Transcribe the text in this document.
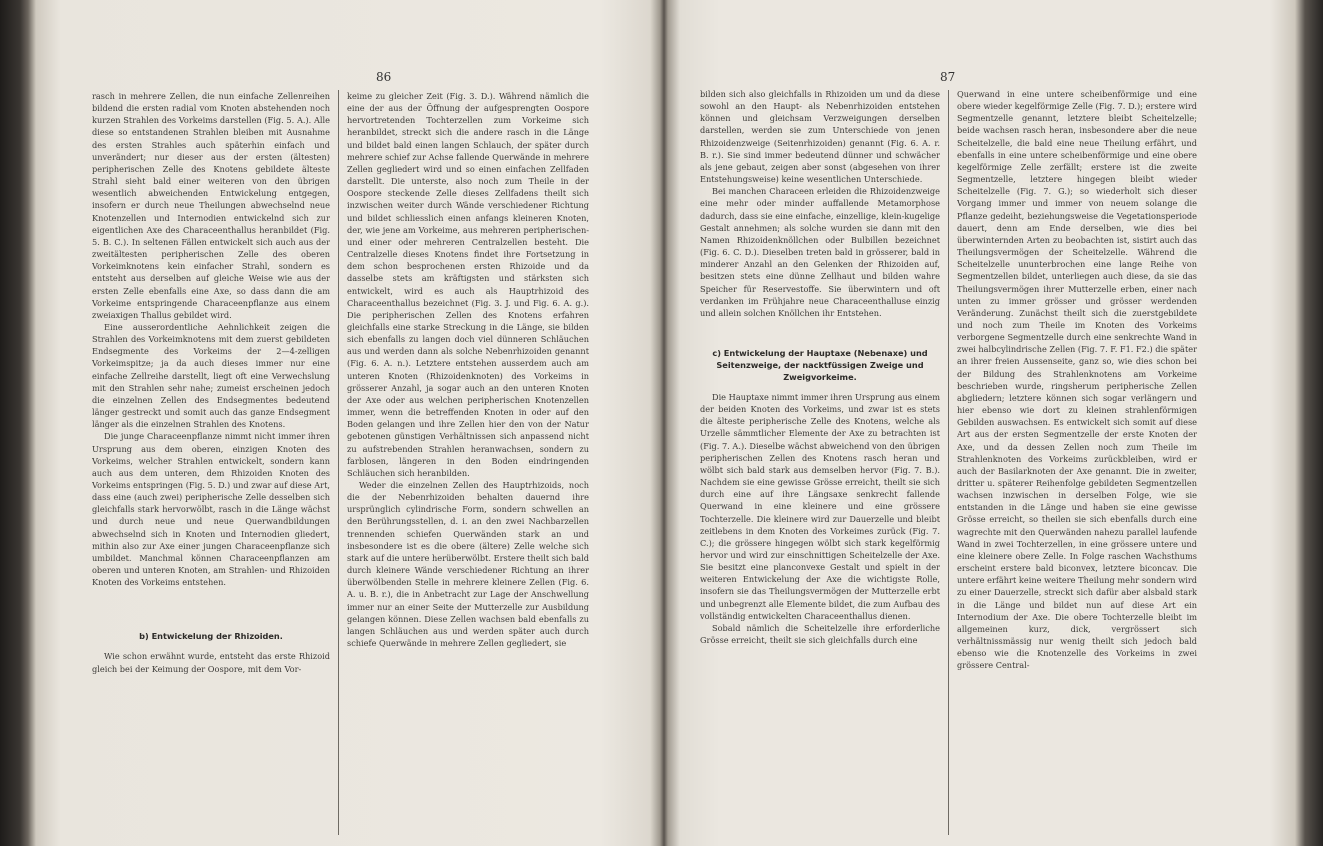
86

rasch in mehrere Zellen, die nun einfache Zellenreihen bildend die ersten radial vom Knoten abstehenden noch kurzen Strahlen des Vorkeims darstellen (Fig. 5. A.). Alle diese so entstandenen Strahlen bleiben mit Ausnahme des ersten Strahles auch späterhin einfach und unverändert; nur dieser aus der ersten (ältesten) peripherischen Zelle des Knotens gebildete älteste Strahl sieht bald einer weiteren von den übrigen wesentlich abweichenden Entwickelung entgegen, insofern er durch neue Theilungen abwechselnd neue Knotenzellen und Internodien entwickelnd sich zur eigentlichen Axe des Characeenthallus heranbildet (Fig. 5. B. C.). In seltenen Fällen entwickelt sich auch aus der zweitältesten peripherischen Zelle des oberen Vorkeimknotens kein einfacher Strahl, sondern es entsteht aus derselben auf gleiche Weise wie aus der ersten Zelle ebenfalls eine Axe, so dass dann die am Vorkeime entspringende Characeenpflanze aus einem zweiaxigen Thallus gebildet wird.

Eine ausserordentliche Aehnlichkeit zeigen die Strahlen des Vorkeimknotens mit dem zuerst gebildeten Endsegmente des Vorkeims der 2—4-zelligen Vorkeimspitze; ja da auch dieses immer nur eine einfache Zellreihe darstellt, liegt oft eine Verwechslung mit den Strahlen sehr nahe; zumeist erscheinen jedoch die einzelnen Zellen des Endsegmentes bedeutend länger gestreckt und somit auch das ganze Endsegment länger als die einzelnen Strahlen des Knotens.

Die junge Characeenpflanze nimmt nicht immer ihren Ursprung aus dem oberen, einzigen Knoten des Vorkeims, welcher Strahlen entwickelt, sondern kann auch aus dem unteren, dem Rhizoiden Knoten des Vorkeims entspringen (Fig. 5. D.) und zwar auf diese Art, dass eine (auch zwei) peripherische Zelle desselben sich gleichfalls stark hervorwölbt, rasch in die Länge wächst und durch neue und neue Querwandbildungen abwechselnd sich in Knoten und Internodien gliedert, mithin also zur Axe einer jungen Characeenpflanze sich umbildet. Manchmal können Characeenpflanzen am oberen und unteren Knoten, am Strahlen- und Rhizoiden Knoten des Vorkeims entstehen.

b) Entwickelung der Rhizoiden.

Wie schon erwähnt wurde, entsteht das erste Rhizoid gleich bei der Keimung der Oospore, mit dem Vor-

keime zu gleicher Zeit (Fig. 3. D.). Während nämlich die eine der aus der Öffnung der aufgesprengten Oospore hervortretenden Tochterzellen zum Vorkeime sich heranbildet, streckt sich die andere rasch in die Länge und bildet bald einen langen Schlauch, der später durch mehrere schief zur Achse fallende Querwände in mehrere Zellen gegliedert wird und so einen einfachen Zellfaden darstellt. Die unterste, also noch zum Theile in der Oospore steckende Zelle dieses Zellfadens theilt sich inzwischen weiter durch Wände verschiedener Richtung und bildet schliesslich einen anfangs kleineren Knoten, der, wie jene am Vorkeime, aus mehreren peripherischen- und einer oder mehreren Centralzellen besteht. Die Centralzelle dieses Knotens findet ihre Fortsetzung in dem schon besprochenen ersten Rhizoide und da dasselbe stets am kräftigsten und stärksten sich entwickelt, wird es auch als Hauptrhizoid des Characeenthallus bezeichnet (Fig. 3. J. und Fig. 6. A. g.). Die peripherischen Zellen des Knotens erfahren gleichfalls eine starke Streckung in die Länge, sie bilden sich ebenfalls zu langen doch viel dünneren Schläuchen aus und werden dann als solche Nebenrhizoiden genannt (Fig. 6. A. n.). Letztere entstehen ausserdem auch am unteren Knoten (Rhizoidenknoten) des Vorkeims in grösserer Anzahl, ja sogar auch an den unteren Knoten der Axe oder aus welchen peripherischen Knotenzellen immer, wenn die betreffenden Knoten in oder auf den Boden gelangen und ihre Zellen hier den von der Natur gebotenen günstigen Verhältnissen sich anpassend nicht zu aufstrebenden Strahlen heranwachsen, sondern zu farblosen, längeren in den Boden eindringenden Schläuchen sich heranbilden.

Weder die einzelnen Zellen des Hauptrhizoids, noch die der Nebenrhizoiden behalten dauernd ihre ursprünglich cylindrische Form, sondern schwellen an den Berührungsstellen, d. i. an den zwei Nachbarzellen trennenden schiefen Querwänden stark an und insbesondere ist es die obere (ältere) Zelle welche sich stark auf die untere herüberwölbt. Erstere theilt sich bald durch kleinere Wände verschiedener Richtung an ihrer überwölbenden Stelle in mehrere kleinere Zellen (Fig. 6. A. u. B. r.), die in Anbetracht zur Lage der Anschwellung immer nur an einer Seite der Mutterzelle zur Ausbildung gelangen können. Diese Zellen wachsen bald ebenfalls zu langen Schläuchen aus und werden später auch durch schiefe Querwände in mehrere Zellen gegliedert, sie

87

bilden sich also gleichfalls in Rhizoiden um und da diese sowohl an den Haupt- als Nebenrhizoiden entstehen können und gleichsam Verzweigungen derselben darstellen, werden sie zum Unterschiede von jenen Rhizoidenzweige (Seitenrhizoiden) genannt (Fig. 6. A. r. B. r.). Sie sind immer bedeutend dünner und schwächer als jene gebaut, zeigen aber sonst (abgesehen von ihrer Entstehungsweise) keine wesentlichen Unterschiede.

Bei manchen Characeen erleiden die Rhizoidenzweige eine mehr oder minder auffallende Metamorphose dadurch, dass sie eine einfache, einzellige, klein-kugelige Gestalt annehmen; als solche wurden sie dann mit den Namen Rhizoidenknöllchen oder Bulbillen bezeichnet (Fig. 6. C. D.). Dieselben treten bald in grösserer, bald in minderer Anzahl an den Gelenken der Rhizoiden auf, besitzen stets eine dünne Zellhaut und bilden wahre Speicher für Reservestoffe. Sie überwintern und oft verdanken im Frühjahre neue Characeenthalluse einzig und allein solchen Knöllchen ihr Entstehen.

c) Entwickelung der Hauptaxe (Nebenaxe) und Seitenzweige, der nacktfüssigen Zweige und Zweigvorkeime.

Die Hauptaxe nimmt immer ihren Ursprung aus einem der beiden Knoten des Vorkeims, und zwar ist es stets die älteste peripherische Zelle des Knotens, welche als Urzelle sämmtlicher Elemente der Axe zu betrachten ist (Fig. 7. A.). Dieselbe wächst abweichend von den übrigen peripherischen Zellen des Knotens rasch heran und wölbt sich bald stark aus demselben hervor (Fig. 7. B.). Nachdem sie eine gewisse Grösse erreicht, theilt sie sich durch eine auf ihre Längsaxe senkrecht fallende Querwand in eine kleinere und eine grössere Tochterzelle. Die kleinere wird zur Dauerzelle und bleibt zeitlebens in dem Knoten des Vorkeimes zurück (Fig. 7. C.); die grössere hingegen wölbt sich stark kegelförmig hervor und wird zur einschnittigen Scheitelzelle der Axe. Sie besitzt eine planconvexe Gestalt und spielt in der weiteren Entwickelung der Axe die wichtigste Rolle, insofern sie das Theilungsvermögen der Mutterzelle erbt und unbegrenzt alle Elemente bildet, die zum Aufbau des vollständig entwickelten Characeenthallus dienen.

Sobald nämlich die Scheitelzelle ihre erforderliche Grösse erreicht, theilt sie sich gleichfalls durch eine

Querwand in eine untere scheibenförmige und eine obere wieder kegelförmige Zelle (Fig. 7. D.); erstere wird Segmentzelle genannt, letztere bleibt Scheitelzelle; beide wachsen rasch heran, insbesondere aber die neue Scheitelzelle, die bald eine neue Theilung erfährt, und ebenfalls in eine untere scheibenförmige und eine obere kegelförmige Zelle zerfällt; erstere ist die zweite Segmentzelle, letztere hingegen bleibt wieder Scheitelzelle (Fig. 7. G.); so wiederholt sich dieser Vorgang immer und immer von neuem solange die Pflanze gedeiht, beziehungsweise die Vegetationsperiode dauert, denn am Ende derselben, wie dies bei überwinternden Arten zu beobachten ist, sistirt auch das Theilungsvermögen der Scheitelzelle. Während die Scheitelzelle ununterbrochen eine lange Reihe von Segmentzellen bildet, unterliegen auch diese, da sie das Theilungsvermögen ihrer Mutterzelle erben, einer nach unten zu immer grösser und grösser werdenden Veränderung. Zunächst theilt sich die zuerstgebildete und noch zum Theile im Knoten des Vorkeims verborgene Segmentzelle durch eine senkrechte Wand in zwei halbcylindrische Zellen (Fig. 7. F. F1. F2.) die später an ihrer freien Aussenseite, ganz so, wie dies schon bei der Bildung des Strahlenknotens am Vorkeime beschrieben wurde, ringsherum peripherische Zellen abgliedern; letztere können sich sogar verlängern und hier ebenso wie dort zu kleinen strahlenförmigen Gebilden auswachsen. Es entwickelt sich somit auf diese Art aus der ersten Segmentzelle der erste Knoten der Axe, und da dessen Zellen noch zum Theile im Strahlenknoten des Vorkeims zurückbleiben, wird er auch der Basilarknoten der Axe genannt. Die in zweiter, dritter u. späterer Reihenfolge gebildeten Segmentzellen wachsen inzwischen in derselben Folge, wie sie entstanden in die Länge und haben sie eine gewisse Grösse erreicht, so theilen sie sich ebenfalls durch eine wagrechte mit den Querwänden nahezu parallel laufende Wand in zwei Tochterzellen, in eine grössere untere und eine kleinere obere Zelle. In Folge raschen Wachsthums erscheint erstere bald biconvex, letztere biconcav. Die untere erfährt keine weitere Theilung mehr sondern wird zu einer Dauerzelle, streckt sich dafür aber alsbald stark in die Länge und bildet nun auf diese Art ein Internodium der Axe. Die obere Tochterzelle bleibt im allgemeinen kurz, dick, vergrössert sich verhältnissmässig nur wenig theilt sich jedoch bald ebenso wie die Knotenzelle des Vorkeims in zwei grössere Central-
